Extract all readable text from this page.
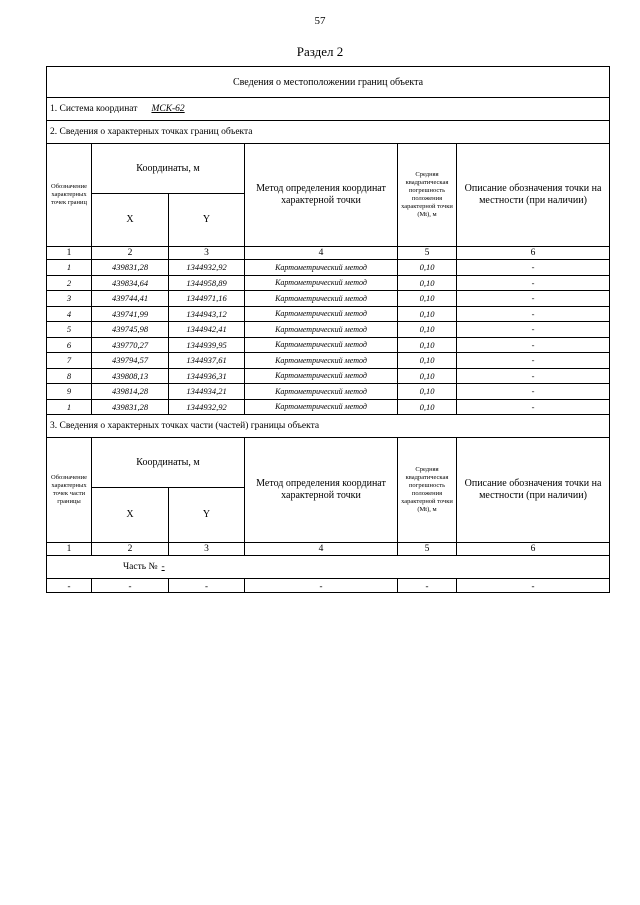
57
Раздел 2
Сведения о местоположении границ объекта					
1. Система координат МСК-62					
2. Сведения о характерных точках границ объекта					
Обозначение характерных точек границ	Координаты, м		Метод определения координат характерной точки	Средняя квадратическая погрешность положения характерной точки (Mt), м	Описание обозначения точки на местности (при наличии)
	X	Y			
1	2	3	4	5	6
1	439831,28	1344932,92	Картометрический метод	0,10	-
2	439834,64	1344958,89	Картометрический метод	0,10	-
3	439744,41	1344971,16	Картометрический метод	0,10	-
4	439741,99	1344943,12	Картометрический метод	0,10	-
5	439745,98	1344942,41	Картометрический метод	0,10	-
6	439770,27	1344939,95	Картометрический метод	0,10	-
7	439794,57	1344937,61	Картометрический метод	0,10	-
8	439808,13	1344936,31	Картометрический метод	0,10	-
9	439814,28	1344934,21	Картометрический метод	0,10	-
1	439831,28	1344932,92	Картометрический метод	0,10	-
3. Сведения о характерных точках части (частей) границы объекта					
Обозначение характерных точек части границы	Координаты, м		Метод определения координат характерной точки	Средняя квадратическая погрешность положения характерной точки (Mt), м	Описание обозначения точки на местности (при наличии)
	X	Y			
1	2	3	4	5	6
Часть № -					
-	-	-	-	-	-
